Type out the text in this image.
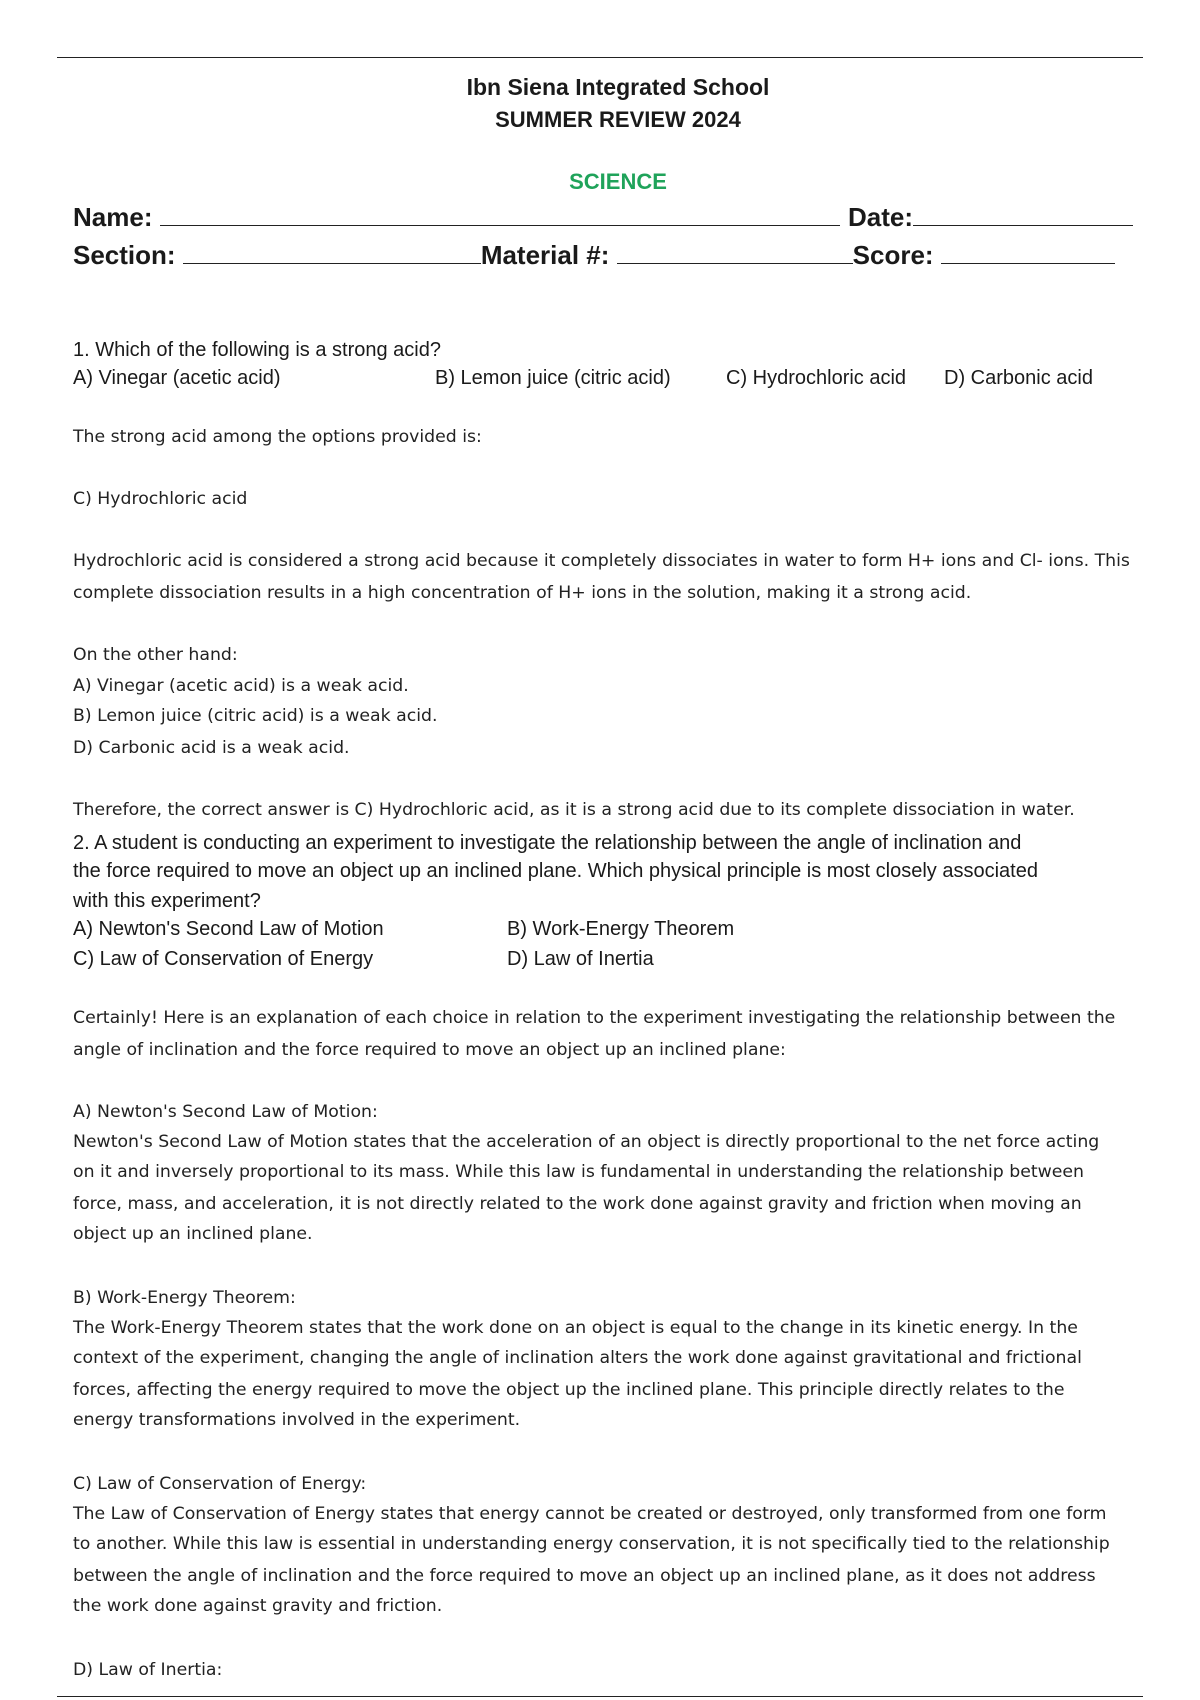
Ibn Siena Integrated School
SUMMER REVIEW 2024
SCIENCE
Name:	Date:
Section:	Material #:	Score:
1. Which of the following is a strong acid?
A) Vinegar (acetic acid)	B) Lemon juice (citric acid)	C) Hydrochloric acid D) Carbonic acid
The strong acid among the options provided is:
C) Hydrochloric acid
Hydrochloric acid is considered a strong acid because it completely dissociates in water to form H+ ions and Cl- ions. This
complete dissociation results in a high concentration of H+ ions in the solution, making it a strong acid.
On the other hand:
A) Vinegar (acetic acid) is a weak acid.
B) Lemon juice (citric acid) is a weak acid.
D) Carbonic acid is a weak acid.
Therefore, the correct answer is C) Hydrochloric acid, as it is a strong acid due to its complete dissociation in water.
2. A student is conducting an experiment to investigate the relationship between the angle of inclination and
the force required to move an object up an inclined plane. Which physical principle is most closely associated
with this experiment?
A) Newton's Second Law of Motion	B) Work-Energy Theorem
C) Law of Conservation of Energy	D) Law of Inertia
Certainly! Here is an explanation of each choice in relation to the experiment investigating the relationship between the
angle of inclination and the force required to move an object up an inclined plane:
A) Newton's Second Law of Motion:
Newton's Second Law of Motion states that the acceleration of an object is directly proportional to the net force acting
on it and inversely proportional to its mass. While this law is fundamental in understanding the relationship between
force, mass, and acceleration, it is not directly related to the work done against gravity and friction when moving an
object up an inclined plane.
B) Work-Energy Theorem:
The Work-Energy Theorem states that the work done on an object is equal to the change in its kinetic energy. In the
context of the experiment, changing the angle of inclination alters the work done against gravitational and frictional
forces, affecting the energy required to move the object up the inclined plane. This principle directly relates to the
energy transformations involved in the experiment.
C) Law of Conservation of Energy:
The Law of Conservation of Energy states that energy cannot be created or destroyed, only transformed from one form
to another. While this law is essential in understanding energy conservation, it is not specifically tied to the relationship
between the angle of inclination and the force required to move an object up an inclined plane, as it does not address
the work done against gravity and friction.
D) Law of Inertia:
